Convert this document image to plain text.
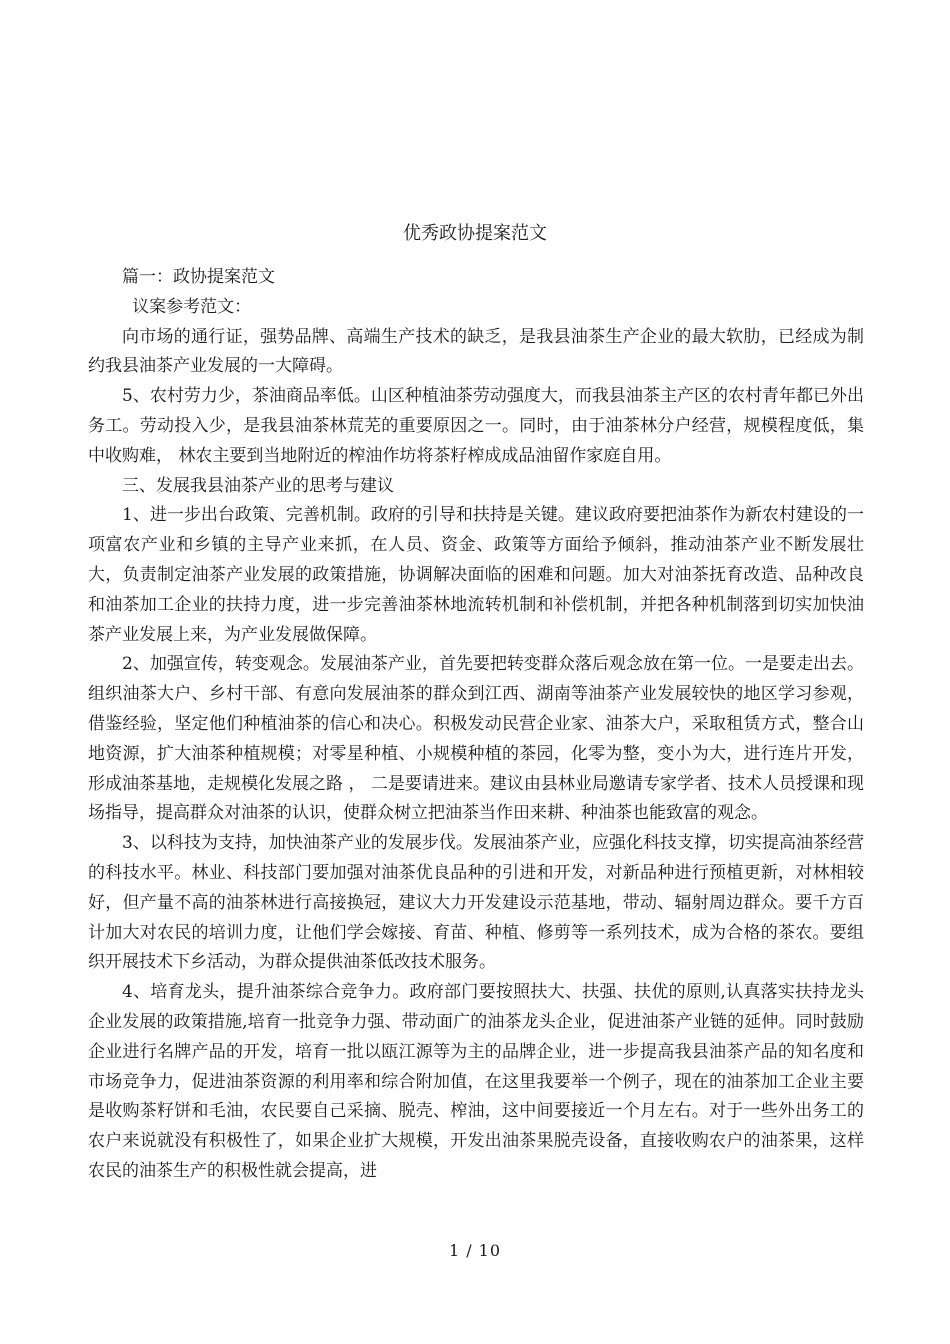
优秀政协提案范文

篇一：政协提案范文

议案参考范文：

向市场的通行证，强势品牌、高端生产技术的缺乏，是我县油茶生产企业的最大软肋，已经成为制约我县油茶产业发展的一大障碍。

5、农村劳力少，茶油商品率低。山区种植油茶劳动强度大，而我县油茶主产区的农村青年都已外出务工。劳动投入少，是我县油茶林荒芜的重要原因之一。同时，由于油茶林分户经营，规模程度低，集中收购难， 林农主要到当地附近的榨油作坊将茶籽榨成成品油留作家庭自用。

三、发展我县油茶产业的思考与建议

1、进一步出台政策、完善机制。政府的引导和扶持是关键。建议政府要把油茶作为新农村建设的一项富农产业和乡镇的主导产业来抓，在人员、资金、政策等方面给予倾斜，推动油茶产业不断发展壮大，负责制定油茶产业发展的政策措施，协调解决面临的困难和问题。加大对油茶抚育改造、品种改良和油茶加工企业的扶持力度，进一步完善油茶林地流转机制和补偿机制，并把各种机制落到切实加快油茶产业发展上来，为产业发展做保障。

2、加强宣传，转变观念。发展油茶产业，首先要把转变群众落后观念放在第一位。一是要走出去。组织油茶大户、乡村干部、有意向发展油茶的群众到江西、湖南等油茶产业发展较快的地区学习参观， 借鉴经验，坚定他们种植油茶的信心和决心。积极发动民营企业家、油茶大户，采取租赁方式，整合山地资源，扩大油茶种植规模；对零星种植、小规模种植的茶园，化零为整，变小为大，进行连片开发，形成油茶基地，走规模化发展之路 ， 二是要请进来。建议由县林业局邀请专家学者、技术人员授课和现场指导，提高群众对油茶的认识，使群众树立把油茶当作田来耕、种油茶也能致富的观念。

3、以科技为支持，加快油茶产业的发展步伐。发展油茶产业，应强化科技支撑，切实提高油茶经营的科技水平。林业、科技部门要加强对油茶优良品种的引进和开发，对新品种进行预植更新，对林相较好，但产量不高的油茶林进行高接换冠，建议大力开发建设示范基地，带动、辐射周边群众。要千方百计加大对农民的培训力度，让他们学会嫁接、育苗、种植、修剪等一系列技术，成为合格的茶农。要组织开展技术下乡活动，为群众提供油茶低改技术服务。

4、培育龙头，提升油茶综合竞争力。政府部门要按照扶大、扶强、扶优的原则,认真落实扶持龙头企业发展的政策措施,培育一批竞争力强、带动面广的油茶龙头企业，促进油茶产业链的延伸。同时鼓励企业进行名牌产品的开发，培育一批以瓯江源等为主的品牌企业，进一步提高我县油茶产品的知名度和市场竞争力，促进油茶资源的利用率和综合附加值，在这里我要举一个例子，现在的油茶加工企业主要是收购茶籽饼和毛油，农民要自己采摘、脱壳、榨油，这中间要接近一个月左右。对于一些外出务工的农户来说就没有积极性了，如果企业扩大规模，开发出油茶果脱壳设备，直接收购农户的油茶果，这样农民的油茶生产的积极性就会提高，进

1 / 10
